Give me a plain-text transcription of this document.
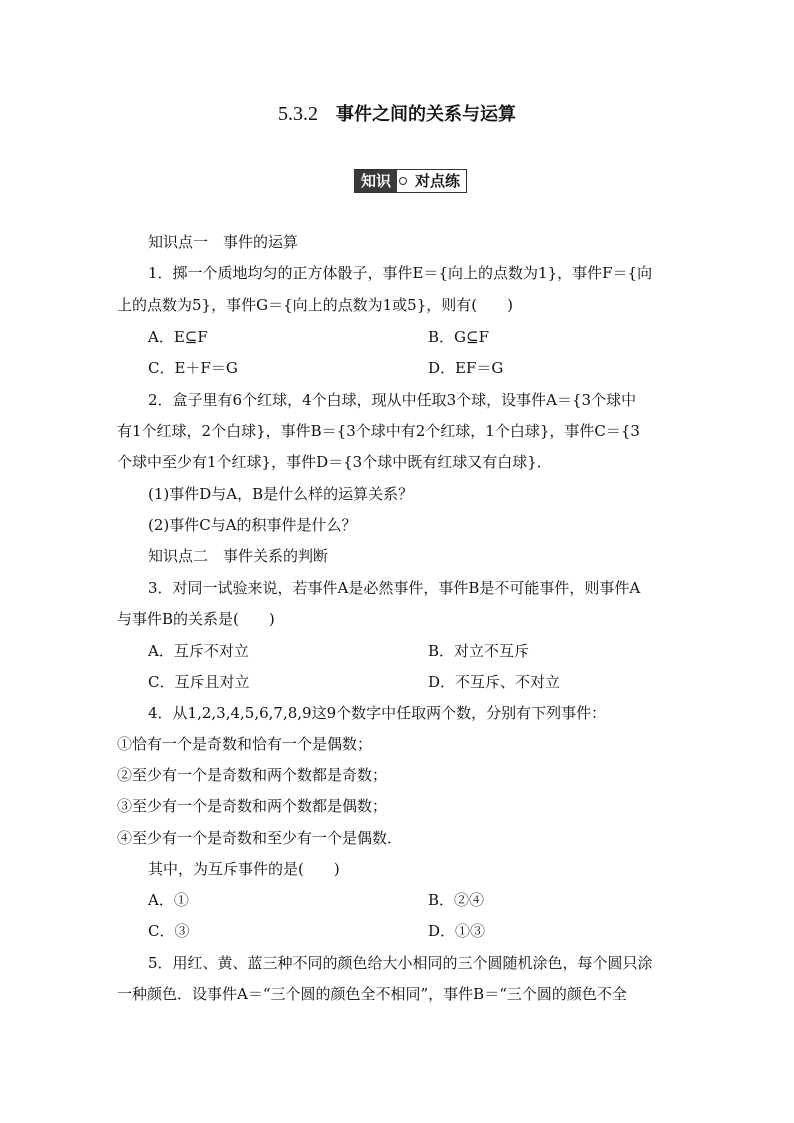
5.3.2 事件之间的关系与运算
知识	对点练
知识点一　事件的运算
1．掷一个质地均匀的正方体骰子，事件E＝{向上的点数为1}，事件F＝{向
上的点数为5}，事件G＝{向上的点数为1或5}，则有(　　)
A．E⊆F	B．G⊆F
C．E＋F＝G	D．EF＝G
2．盒子里有6个红球，4个白球，现从中任取3个球，设事件A＝{3个球中
有1个红球，2个白球}，事件B＝{3个球中有2个红球，1个白球}，事件C＝{3
个球中至少有1个红球}，事件D＝{3个球中既有红球又有白球}．
(1)事件D与A，B是什么样的运算关系？
(2)事件C与A的积事件是什么？
知识点二　事件关系的判断
3．对同一试验来说，若事件A是必然事件，事件B是不可能事件，则事件A
与事件B的关系是(　　)
A．互斥不对立	B．对立不互斥
C．互斥且对立	D．不互斥、不对立
4．从1,2,3,4,5,6,7,8,9这9个数字中任取两个数，分别有下列事件：
①恰有一个是奇数和恰有一个是偶数；
②至少有一个是奇数和两个数都是奇数；
③至少有一个是奇数和两个数都是偶数；
④至少有一个是奇数和至少有一个是偶数．
其中，为互斥事件的是(　　)
A．①	B．②④
C．③	D．①③
5．用红、黄、蓝三种不同的颜色给大小相同的三个圆随机涂色，每个圆只涂
一种颜色．设事件A＝“三个圆的颜色全不相同”，事件B＝“三个圆的颜色不全
